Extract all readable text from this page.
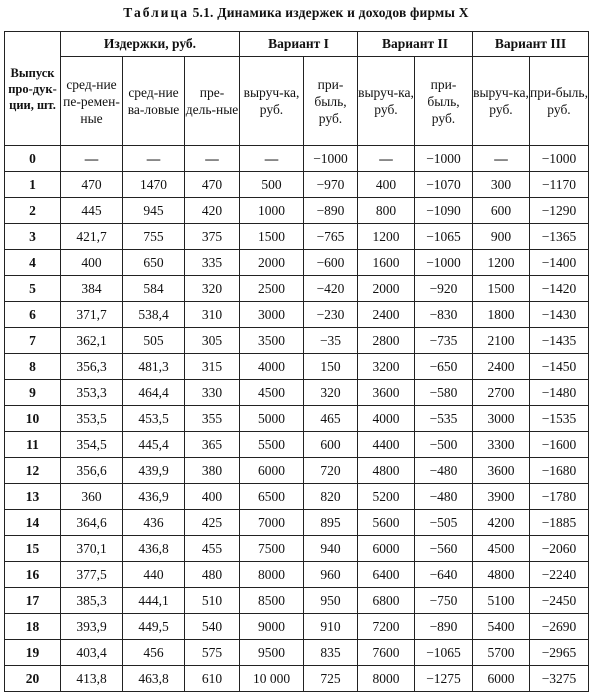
Таблица 5.1. Динамика издержек и доходов фирмы X
Выпуск про-дук-ции, шт.	Издержки, руб.			Вариант I		Вариант II		Вариант III	
	сред-ние пе-ремен-ные	сред-ние ва-ловые	пре-дель-ные	выруч-ка, руб.	при-быль, руб.	выруч-ка, руб.	при-быль, руб.	выруч-ка, руб.	при-быль, руб.
0	—	—	—	—	−1000	—	−1000	—	−1000
1	470	1470	470	500	−970	400	−1070	300	−1170
2	445	945	420	1000	−890	800	−1090	600	−1290
3	421,7	755	375	1500	−765	1200	−1065	900	−1365
4	400	650	335	2000	−600	1600	−1000	1200	−1400
5	384	584	320	2500	−420	2000	−920	1500	−1420
6	371,7	538,4	310	3000	−230	2400	−830	1800	−1430
7	362,1	505	305	3500	−35	2800	−735	2100	−1435
8	356,3	481,3	315	4000	150	3200	−650	2400	−1450
9	353,3	464,4	330	4500	320	3600	−580	2700	−1480
10	353,5	453,5	355	5000	465	4000	−535	3000	−1535
11	354,5	445,4	365	5500	600	4400	−500	3300	−1600
12	356,6	439,9	380	6000	720	4800	−480	3600	−1680
13	360	436,9	400	6500	820	5200	−480	3900	−1780
14	364,6	436	425	7000	895	5600	−505	4200	−1885
15	370,1	436,8	455	7500	940	6000	−560	4500	−2060
16	377,5	440	480	8000	960	6400	−640	4800	−2240
17	385,3	444,1	510	8500	950	6800	−750	5100	−2450
18	393,9	449,5	540	9000	910	7200	−890	5400	−2690
19	403,4	456	575	9500	835	7600	−1065	5700	−2965
20	413,8	463,8	610	10 000	725	8000	−1275	6000	−3275
